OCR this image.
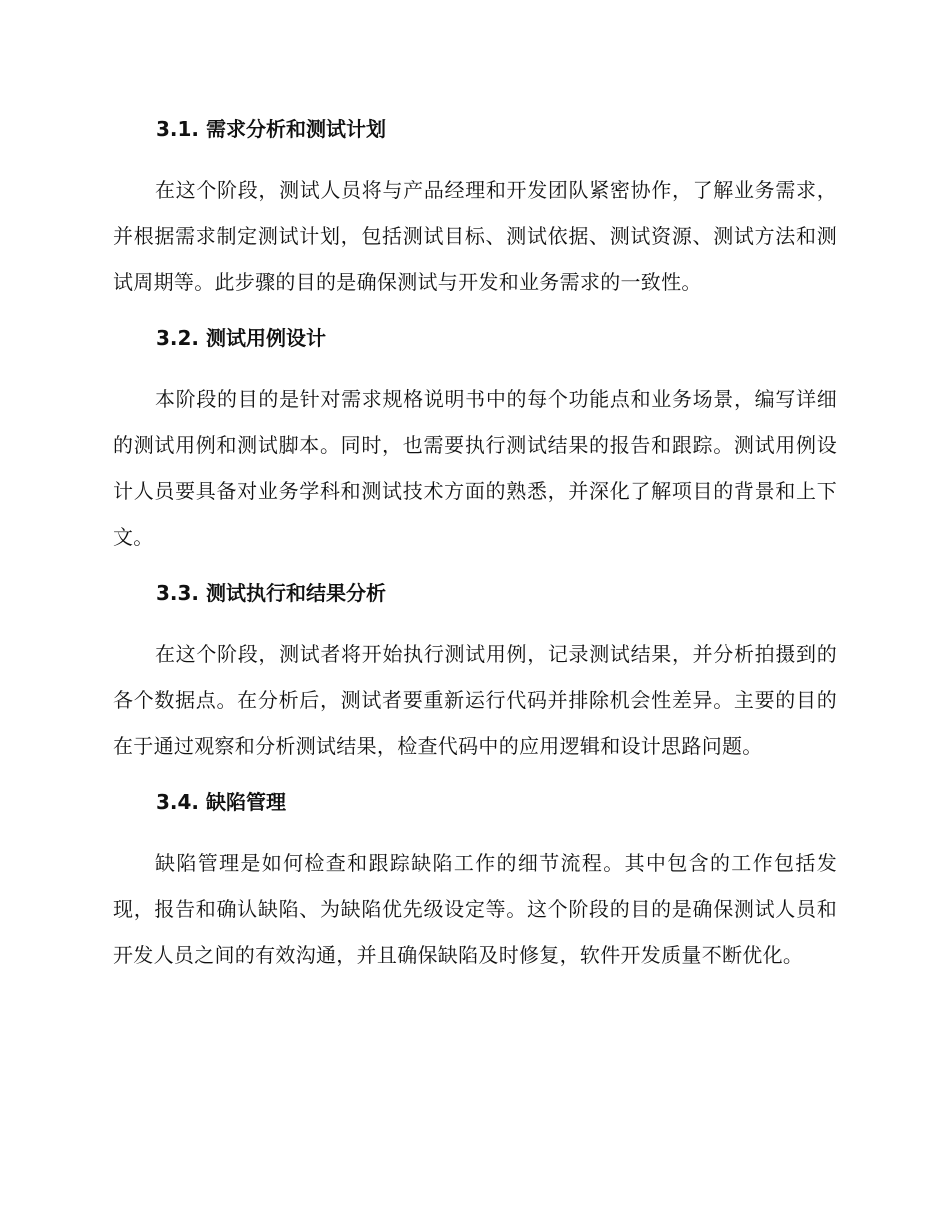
3.1. 需求分析和测试计划

在这个阶段，测试人员将与产品经理和开发团队紧密协作，了解业务需求，并根据需求制定测试计划，包括测试目标、测试依据、测试资源、测试方法和测试周期等。此步骤的目的是确保测试与开发和业务需求的一致性。

3.2. 测试用例设计

本阶段的目的是针对需求规格说明书中的每个功能点和业务场景，编写详细的测试用例和测试脚本。同时，也需要执行测试结果的报告和跟踪。测试用例设计人员要具备对业务学科和测试技术方面的熟悉，并深化了解项目的背景和上下文。

3.3. 测试执行和结果分析

在这个阶段，测试者将开始执行测试用例，记录测试结果，并分析拍摄到的各个数据点。在分析后，测试者要重新运行代码并排除机会性差异。主要的目的在于通过观察和分析测试结果，检查代码中的应用逻辑和设计思路问题。

3.4. 缺陷管理

缺陷管理是如何检查和跟踪缺陷工作的细节流程。其中包含的工作包括发现，报告和确认缺陷、为缺陷优先级设定等。这个阶段的目的是确保测试人员和开发人员之间的有效沟通，并且确保缺陷及时修复，软件开发质量不断优化。
